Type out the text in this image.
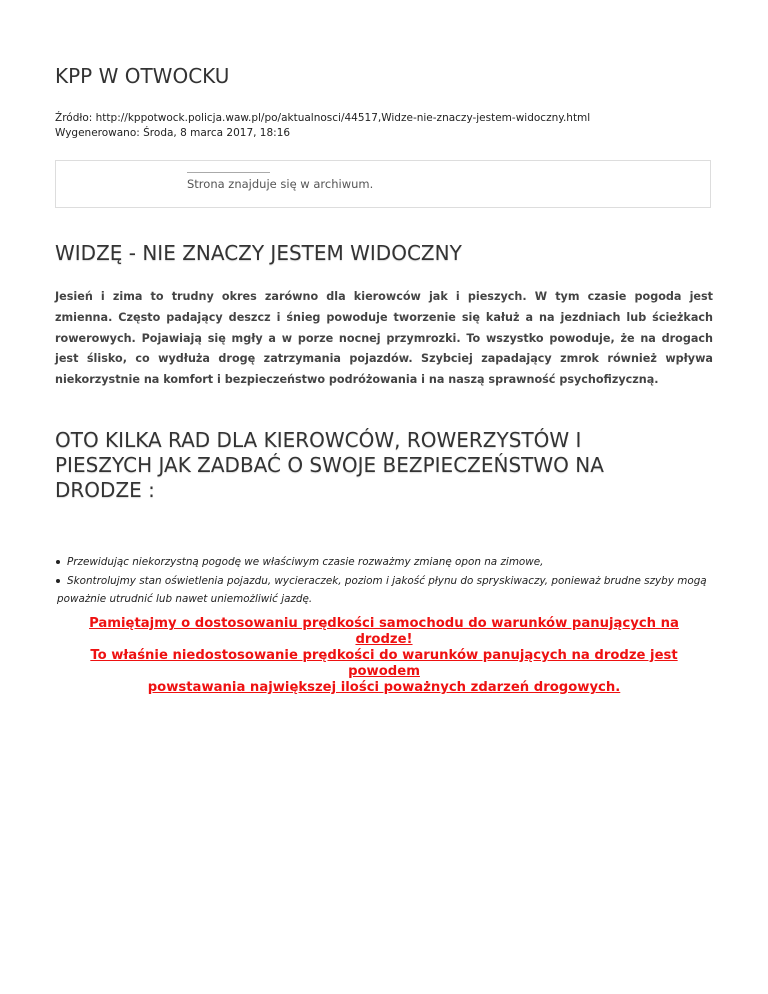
KPP W OTWOCKU
Źródło: http://kppotwock.policja.waw.pl/po/aktualnosci/44517,Widze-nie-znaczy-jestem-widoczny.html
Wygenerowano: Środa, 8 marca 2017, 18:16
Strona znajduje się w archiwum.
WIDZĘ - NIE ZNACZY JESTEM WIDOCZNY

Jesień i zima to trudny okres zarówno dla kierowców jak i pieszych. W tym czasie pogoda jest
zmienna. Często padający deszcz i śnieg powoduje tworzenie się kałuż a na jezdniach lub ścieżkach
rowerowych. Pojawiają się mgły a w porze nocnej przymrozki. To wszystko powoduje, że na drogach
jest ślisko, co wydłuża drogę zatrzymania pojazdów. Szybciej zapadający zmrok również wpływa
niekorzystnie na komfort i bezpieczeństwo podróżowania i na naszą sprawność psychofizyczną.

OTO KILKA RAD DLA KIEROWCÓW, ROWERZYSTÓW I
PIESZYCH JAK ZADBAĆ O SWOJE BEZPIECZEŃSTWO NA
DRODZE :
Przewidując niekorzystną pogodę we właściwym czasie rozważmy zmianę opon na zimowe,
Skontrolujmy stan oświetlenia pojazdu, wycieraczek, poziom i jakość płynu do spryskiwaczy, ponieważ brudne szyby mogą
poważnie utrudnić lub nawet uniemożliwić jazdę.

Pamiętajmy o dostosowaniu prędkości samochodu do warunków panujących na
drodze!
To właśnie niedostosowanie prędkości do warunków panujących na drodze jest
powodem
powstawania największej ilości poważnych zdarzeń drogowych.
